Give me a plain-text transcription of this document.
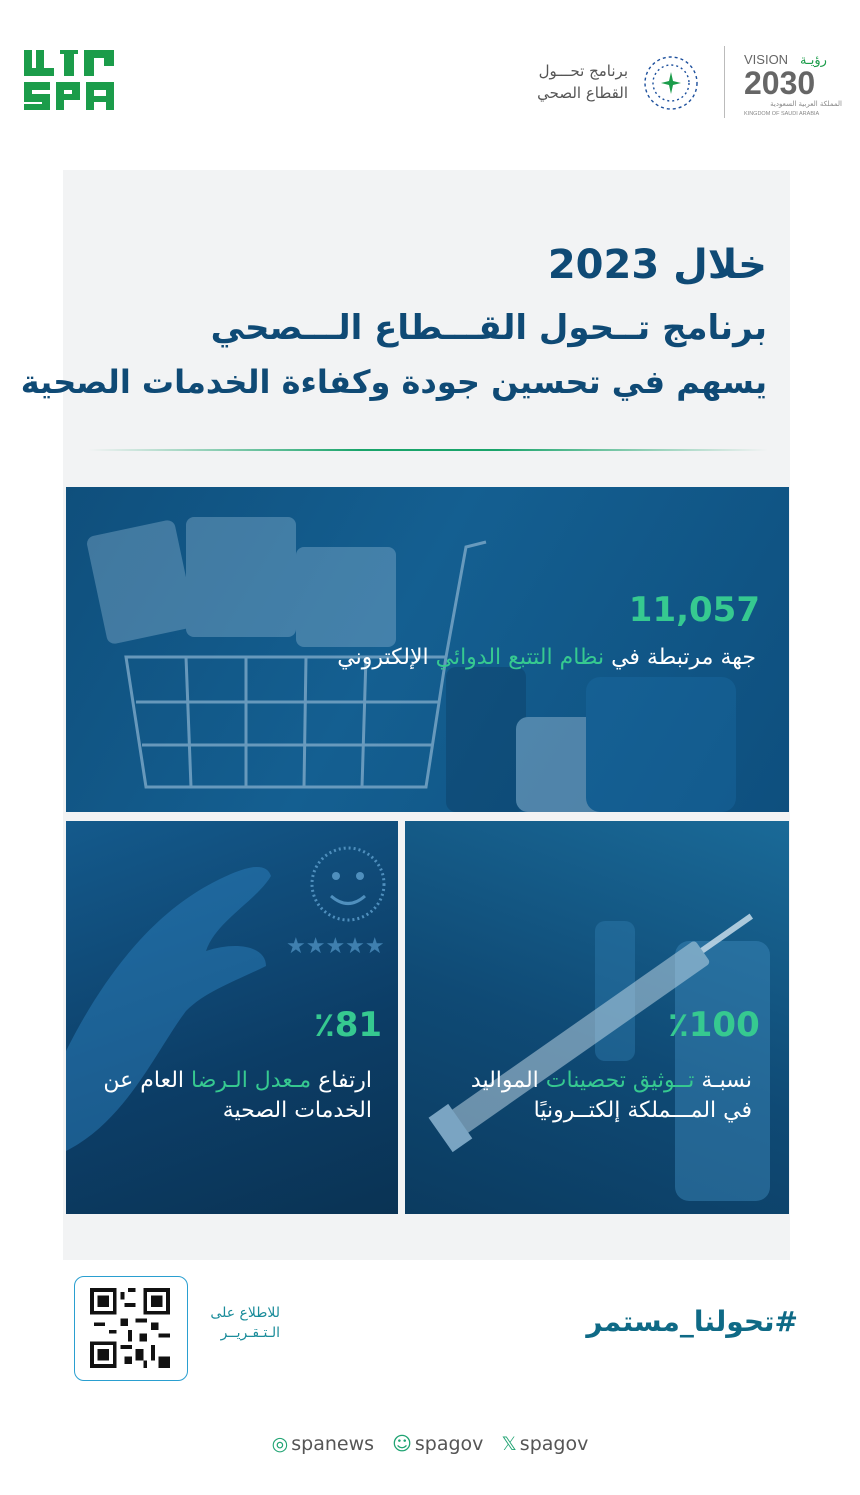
برنامج تحـــول
القطاع الصحي
VISION رؤيـة
2030
المملكة العربية السعودية
KINGDOM OF SAUDI ARABIA
خلال 2023
برنامج تــحول القـــطاع الـــصحي
يسهم في تحسين جودة وكفاءة الخدمات الصحية
11,057
جهة مرتبطة في نظام التتبع الدوائي الإلكتروني
★★★★★
٪81
ارتفاع مـعدل الـرضا العام عن الخدمات الصحية
٪100
نسبـة تــوثيق تحصينات المواليد في المـــملكة إلكتــرونيًا
للاطلاع على
الـتـقـريــر	#تحولنا_مستمر
◎ spanews ☺ spagov 𝕏 spagov
